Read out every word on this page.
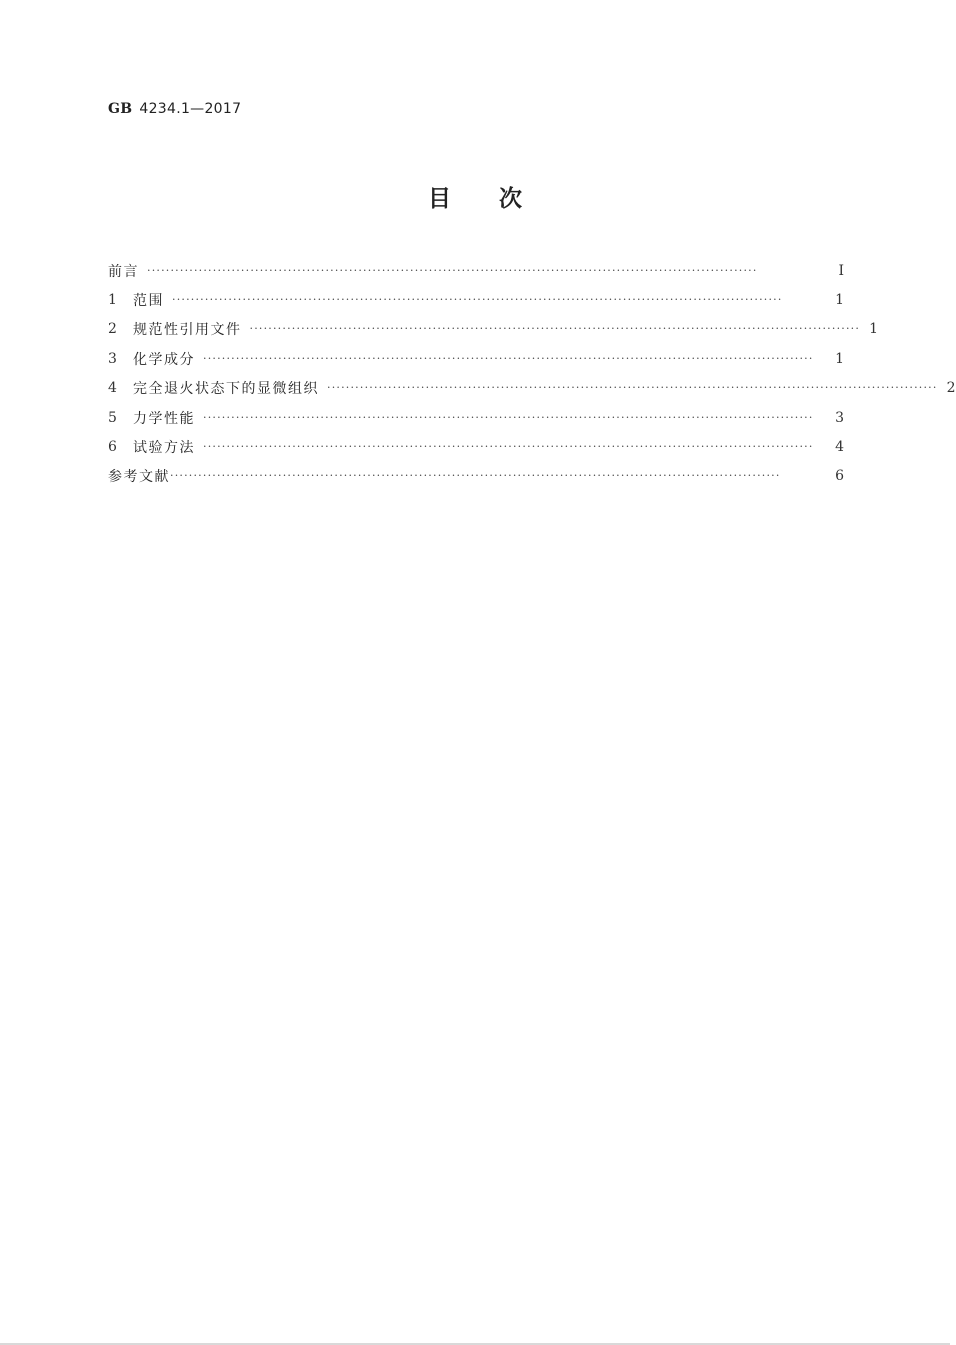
GB 4234.1—2017
目次
前言 ··································································································································	Ⅰ
1	范围 ··································································································································	1
2	规范性引用文件 ·································································································································· 1
3	化学成分 ··································································································································	1
4	完全退火状态下的显微组织 ·································································································································· 2
5	力学性能 ··································································································································	3
6	试验方法 ··································································································································	4
参考文献 ··································································································································	6
